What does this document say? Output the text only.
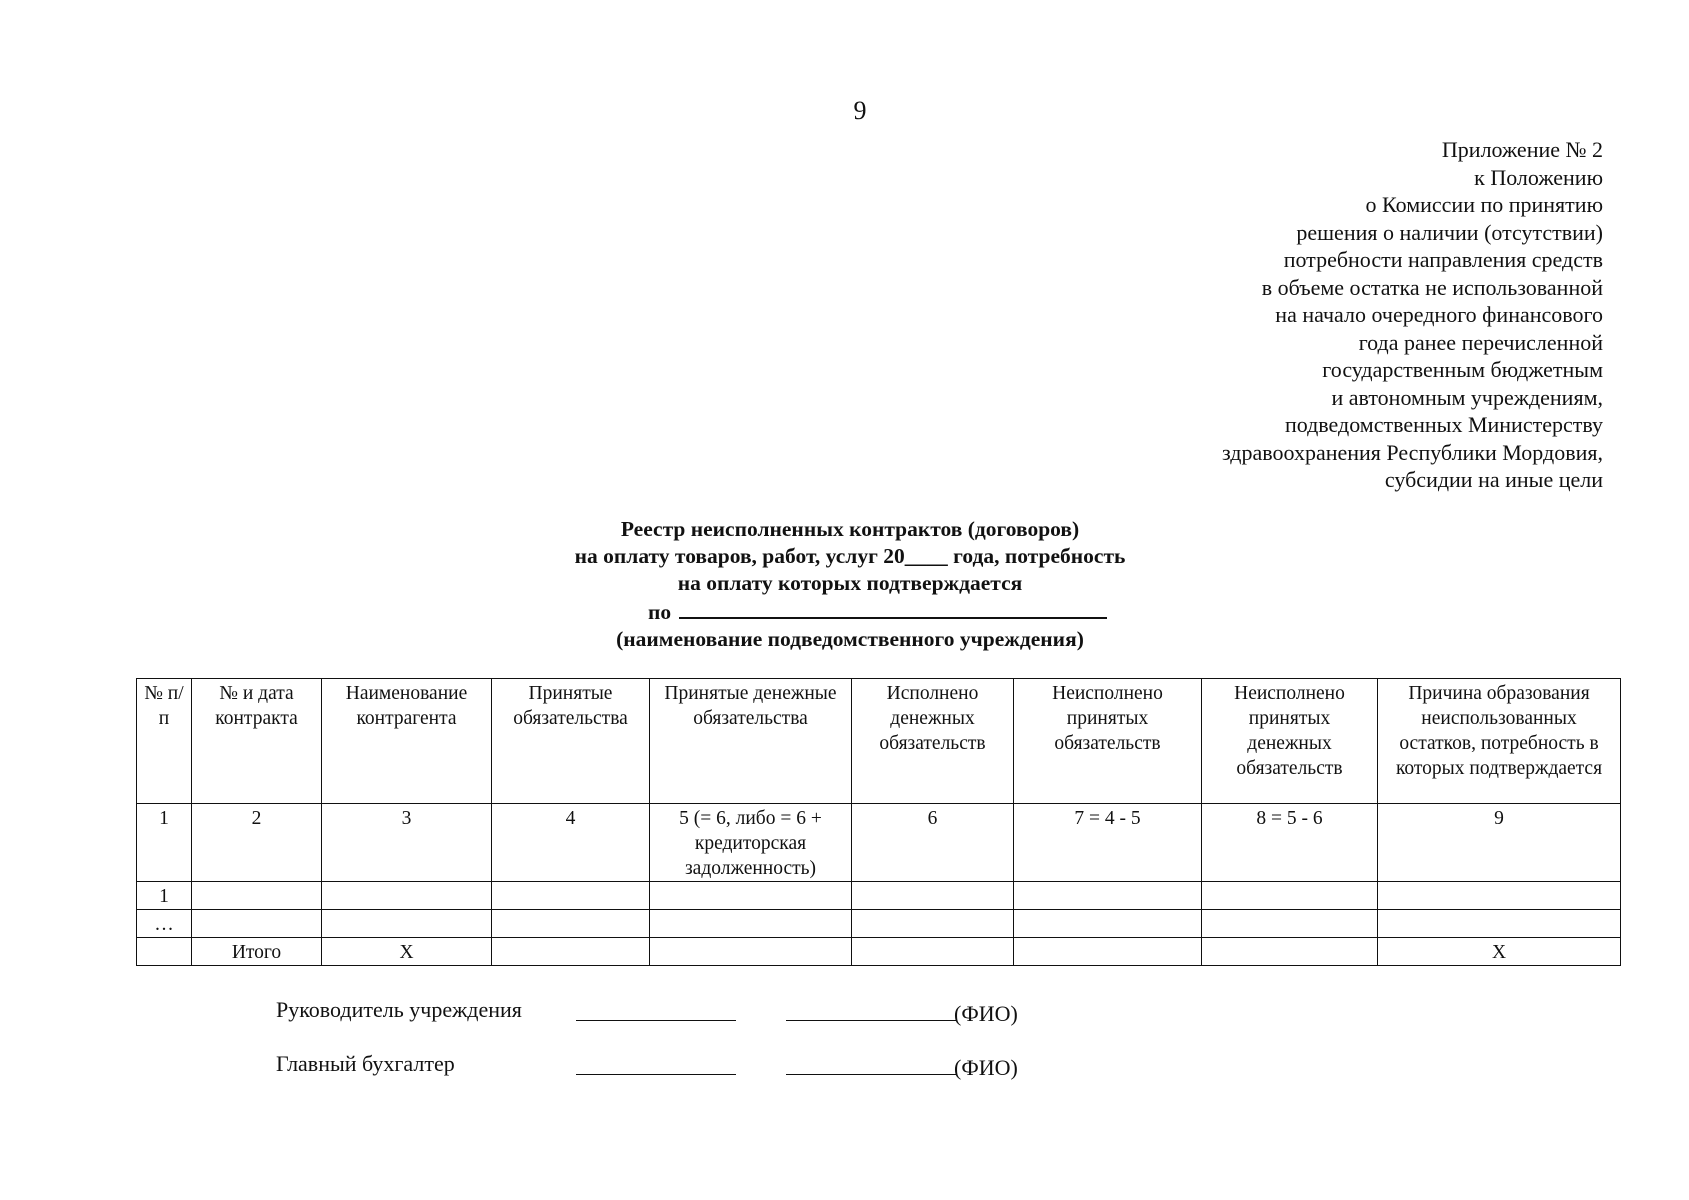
9
Приложение № 2
к Положению
о Комиссии по принятию
решения о наличии (отсутствии)
потребности направления средств
в объеме остатка не использованной
на начало очередного финансового
года ранее перечисленной
государственным бюджетным
и автономным учреждениям,
подведомственных Министерству
здравоохранения Республики Мордовия,
субсидии на иные цели
Реестр неисполненных контрактов (договоров)
на оплату товаров, работ, услуг 20____ года, потребность
на оплату которых подтверждается
по
(наименование подведомственного учреждения)
№ п/п	№ и дата контракта	Наименование контрагента	Принятые обязательства	Принятые денежные обязательства	Исполнено денежных обязательств	Неисполнено принятых обязательств	Неисполнено принятых денежных обязательств	Причина образования неиспользованных остатков, потребность в которых подтверждается
1	2	3	4	5 (= 6, либо = 6 + кредиторская задолженность)	6	7 = 4 - 5	8 = 5 - 6	9
1								
…								
	Итого	X						X
Руководитель учреждения	(ФИО)
Главный бухгалтер	(ФИО)
